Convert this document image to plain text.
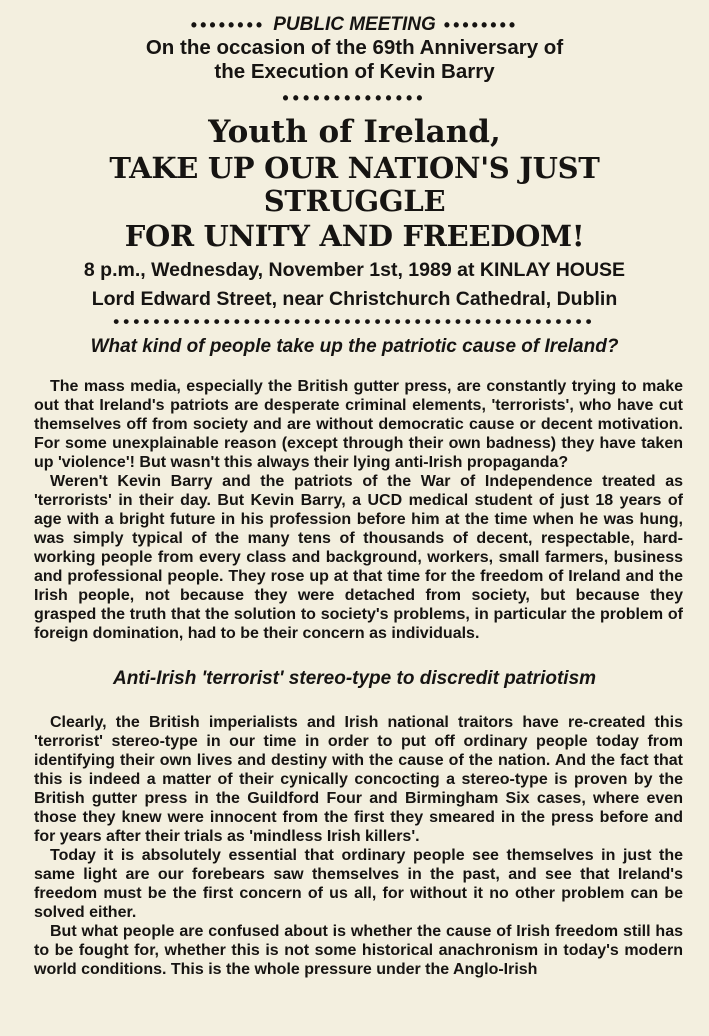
•••••••• PUBLIC MEETING ••••••••

On the occasion of the 69th Anniversary of

the Execution of Kevin Barry

••••••••••••••

Youth of Ireland,

TAKE UP OUR NATION'S JUST STRUGGLE

FOR UNITY AND FREEDOM!

8 p.m., Wednesday, November 1st, 1989 at KINLAY HOUSE

Lord Edward Street, near Christchurch Cathedral, Dublin

••••••••••••••••••••••••••••••••••••••••••••••••

What kind of people take up the patriotic cause of Ireland?

The mass media, especially the British gutter press, are constantly trying to make out that Ireland's patriots are desperate criminal elements, 'terrorists', who have cut themselves off from society and are without democratic cause or decent motivation. For some unexplainable reason (except through their own badness) they have taken up 'violence'! But wasn't this always their lying anti-Irish propaganda?

Weren't Kevin Barry and the patriots of the War of Independence treated as 'terrorists' in their day. But Kevin Barry, a UCD medical student of just 18 years of age with a bright future in his profession before him at the time when he was hung, was simply typical of the many tens of thousands of decent, respectable, hard-working people from every class and background, workers, small farmers, business and professional people. They rose up at that time for the freedom of Ireland and the Irish people, not because they were detached from society, but because they grasped the truth that the solution to society's problems, in particular the problem of foreign domination, had to be their concern as individuals.

Anti-Irish 'terrorist' stereo-type to discredit patriotism

Clearly, the British imperialists and Irish national traitors have re-created this 'terrorist' stereo-type in our time in order to put off ordinary people today from identifying their own lives and destiny with the cause of the nation. And the fact that this is indeed a matter of their cynically concocting a stereo-type is proven by the British gutter press in the Guildford Four and Birmingham Six cases, where even those they knew were innocent from the first they smeared in the press before and for years after their trials as 'mindless Irish killers'.

Today it is absolutely essential that ordinary people see themselves in just the same light are our forebears saw themselves in the past, and see that Ireland's freedom must be the first concern of us all, for without it no other problem can be solved either.

But what people are confused about is whether the cause of Irish freedom still has to be fought for, whether this is not some historical anachronism in today's modern world conditions. This is the whole pressure under the Anglo-Irish
